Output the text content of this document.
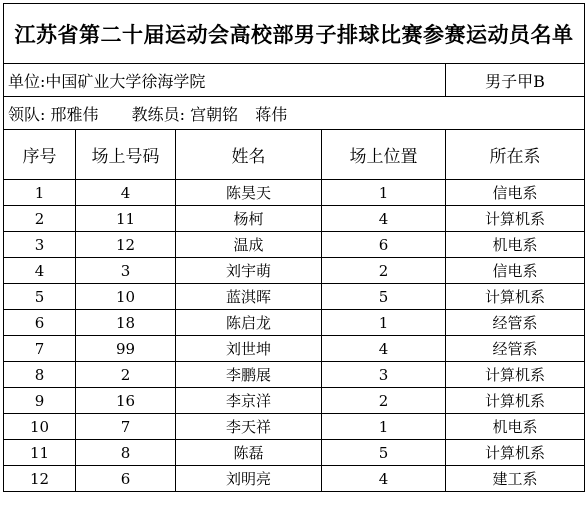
江苏省第二十届运动会高校部男子排球比赛参赛运动员名单				
单位:中国矿业大学徐海学院				男子甲B
领队: 邢雅伟 教练员: 宫朝铭 蒋伟				
序号	场上号码	姓名	场上位置	所在系
1	4	陈昊天	1	信电系
2	11	杨柯	4	计算机系
3	12	温成	6	机电系
4	3	刘宇萌	2	信电系
5	10	蓝淇晖	5	计算机系
6	18	陈启龙	1	经管系
7	99	刘世坤	4	经管系
8	2	李鹏展	3	计算机系
9	16	李京洋	2	计算机系
10	7	李天祥	1	机电系
11	8	陈磊	5	计算机系
12	6	刘明亮	4	建工系
